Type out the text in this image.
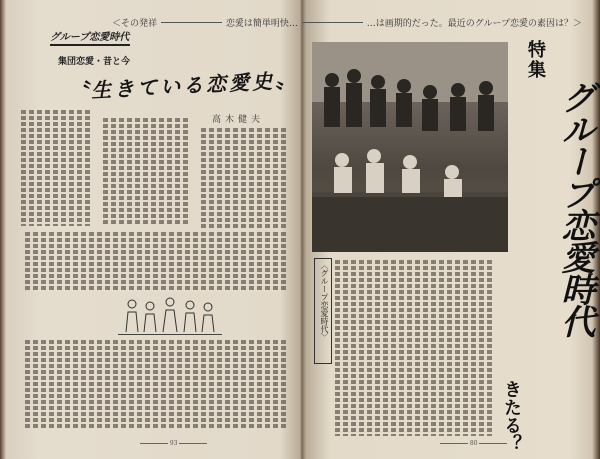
＜その発祥	恋愛は簡単明快…	…は画期的だった。最近のグループ恋愛の素因は？＞
グループ恋愛時代
集団恋愛・昔と今
〝生きている恋愛史〟
高木健夫
93
特集
グループ恋愛時代
きたる？
〈グループ恋愛時代〉
80
